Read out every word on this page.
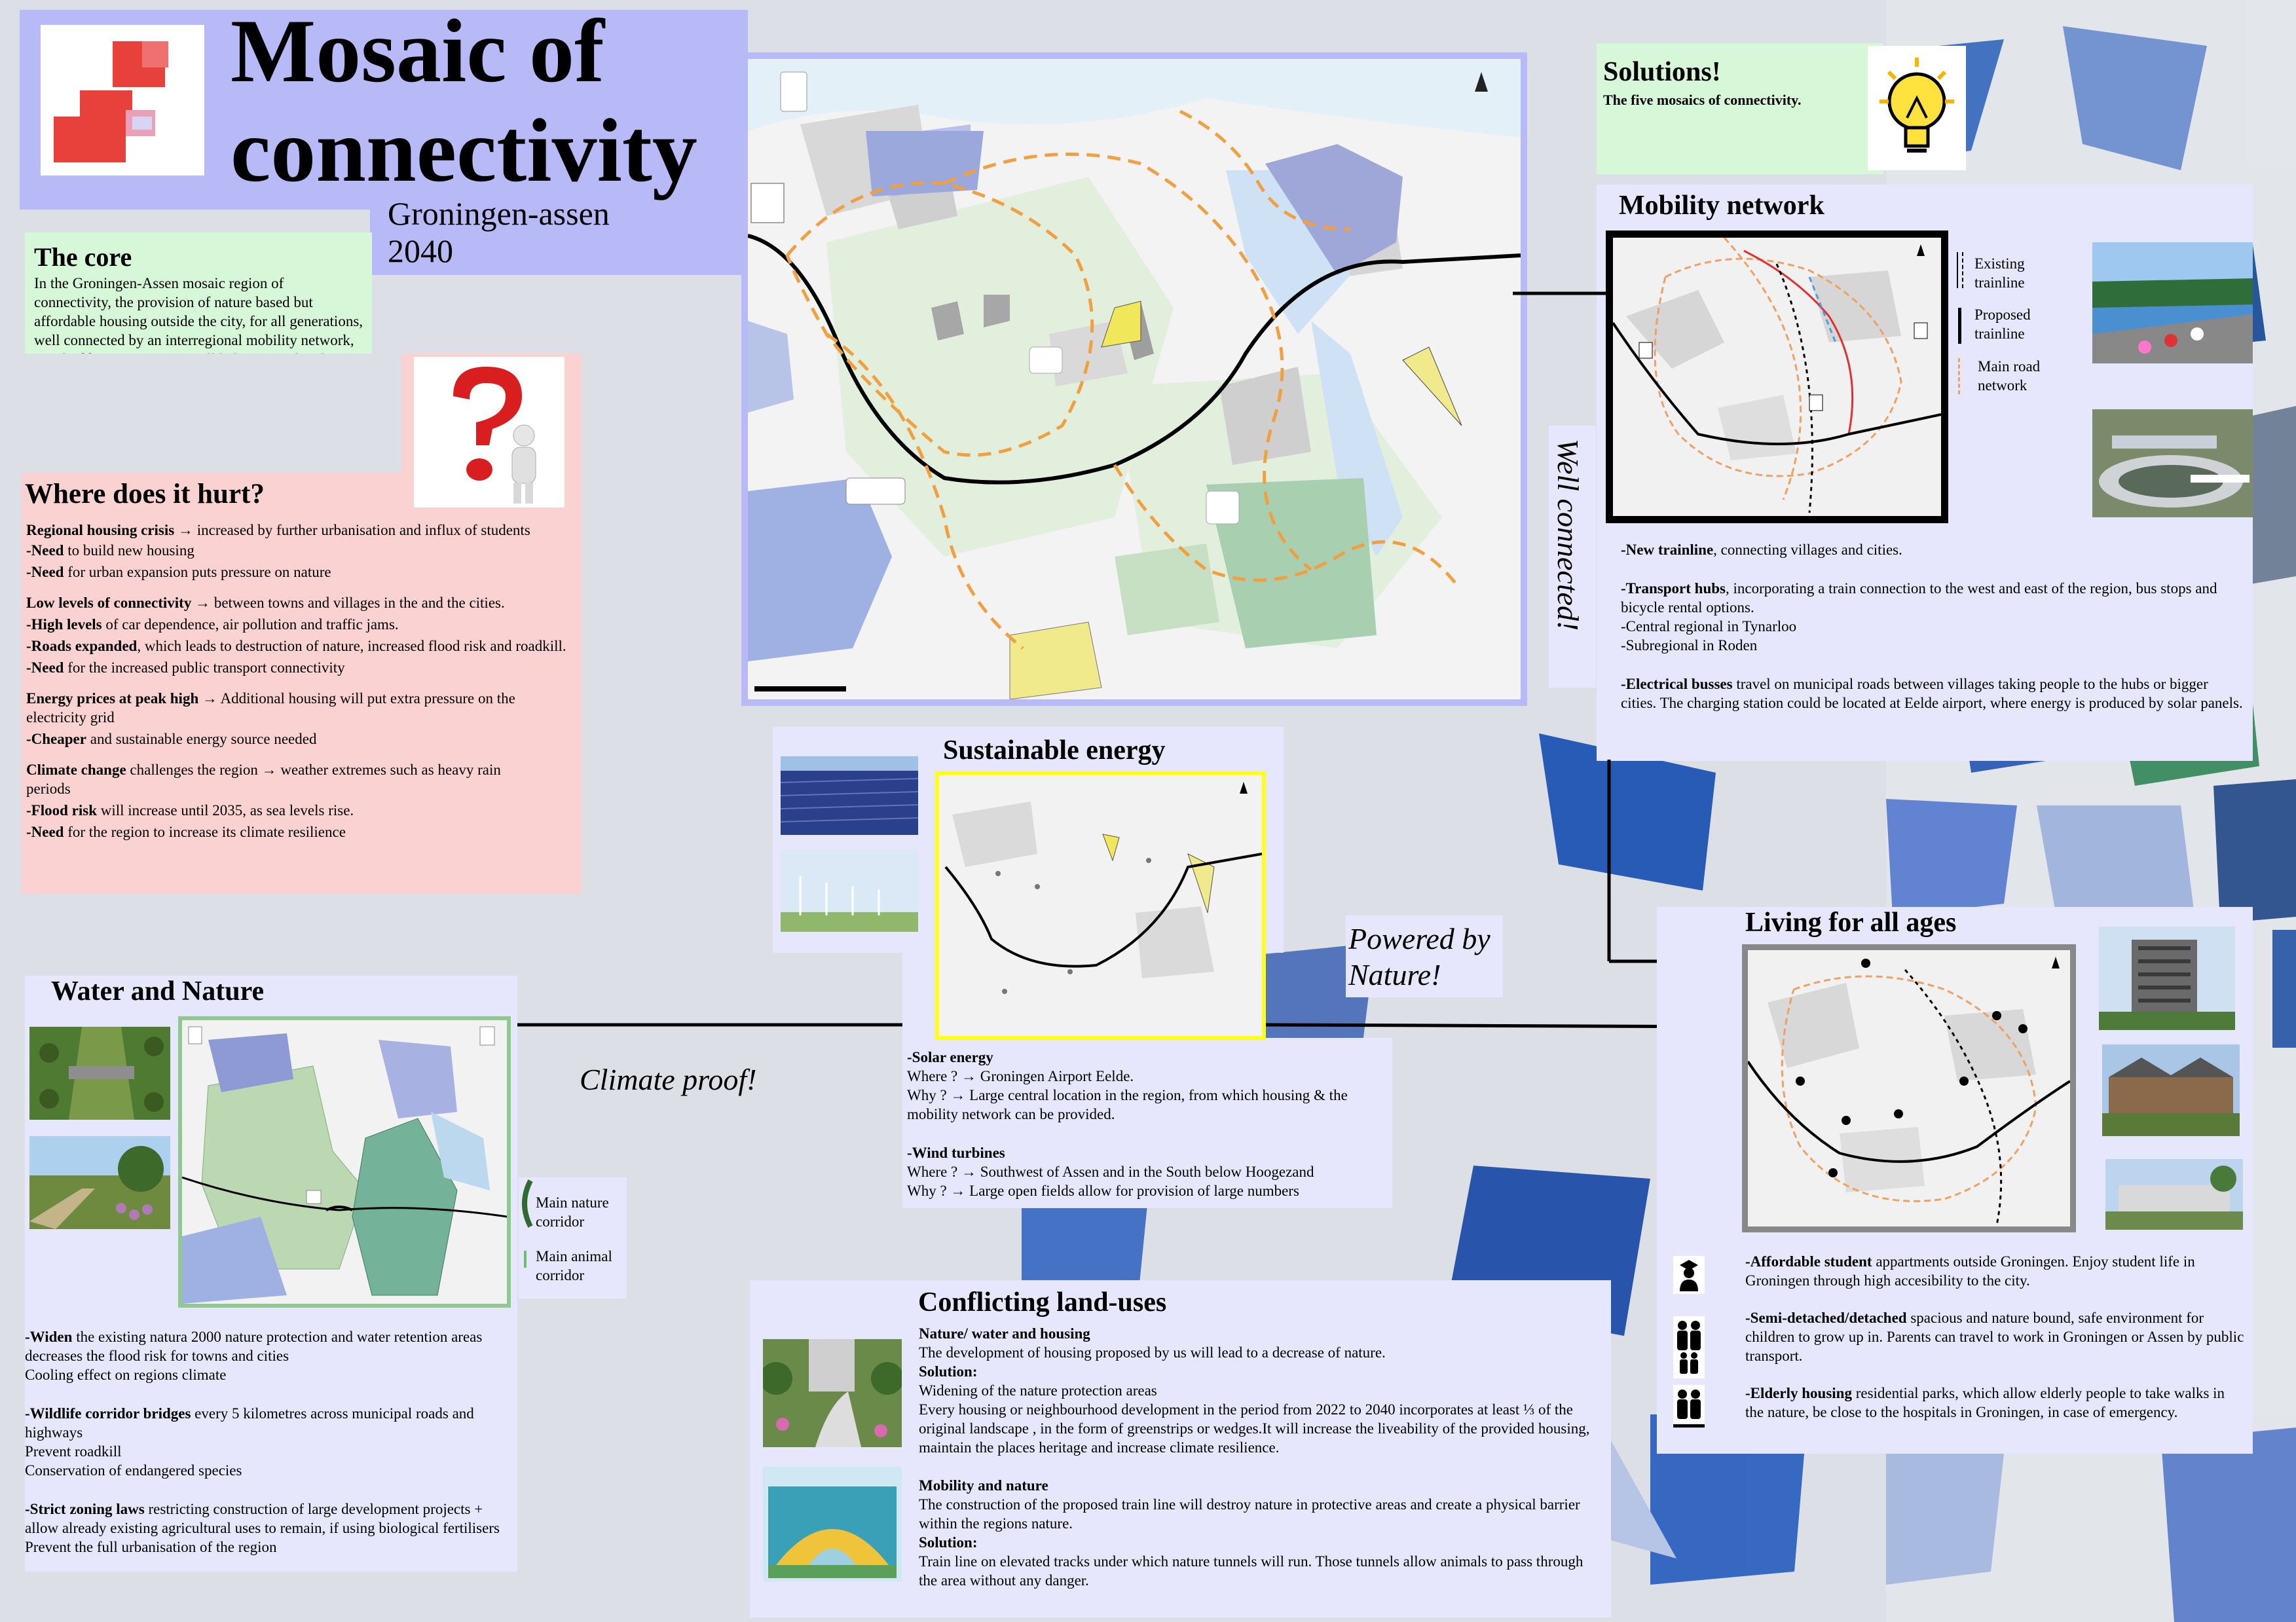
Mosaic of
connectivity
Groningen-assen
2040
The core
In the Groningen-Assen mosaic region of connectivity, the provision of nature based but affordable housing outside the city, for all generations, well connected by an interregional mobility network,
Where does it hurt?

Regional housing crisis → increased by further urbanisation and influx of students

-Need to build new housing

-Need for urban expansion puts pressure on nature

Low levels of connectivity → between towns and villages in the and the cities.

-High levels of car dependence, air pollution and traffic jams.

-Roads expanded, which leads to destruction of nature, increased flood risk and roadkill.

-Need for the increased public transport connectivity

Energy prices at peak high → Additional housing will put extra pressure on the electricity grid

-Cheaper and sustainable energy source needed

Climate change challenges the region → weather extremes such as heavy rain periods

-Flood risk will increase until 2035, as sea levels rise.

-Need for the region to increase its climate resilience

Solutions!
The five mosaics of connectivity.
Mobility network
Existing trainline
Proposed trainline
Main road network

-New trainline, connecting villages and cities.

-Transport hubs, incorporating a train connection to the west and east of the region, bus stops and bicycle rental options.

-Central regional in Tynarloo

-Subregional in Roden

-Electrical busses travel on municipal roads between villages taking people to the hubs or bigger cities. The charging station could be located at Eelde airport, where energy is produced by solar panels.

Well connected!
Sustainable energy

-Solar energy

Where ? → Groningen Airport Eelde.

Why ? → Large central location in the region, from which housing & the mobility network can be provided.

-Wind turbines

Where ? → Southwest of Assen and in the South below Hoogezand

Why ? → Large open fields allow for provision of large numbers

Powered by
Nature!
Climate proof!
Living for all ages

-Affordable student appartments outside Groningen. Enjoy student life in Groningen through high accesibility to the city.

-Semi-detached/detached spacious and nature bound, safe environment for children to grow up in. Parents can travel to work in Groningen or Assen by public transport.

-Elderly housing residential parks, which allow elderly people to take walks in the nature, be close to the hospitals in Groningen, in case of emergency.

Water and Nature
Main nature corridor
Main animal corridor

-Widen the existing natura 2000 nature protection and water retention areas decreases the flood risk for towns and cities

Cooling effect on regions climate

-Wildlife corridor bridges every 5 kilometres across municipal roads and highways

Prevent roadkill

Conservation of endangered species

-Strict zoning laws restricting construction of large development projects + allow already existing agricultural uses to remain, if using biological fertilisers

Prevent the full urbanisation of the region

Conflicting land-uses

Nature/ water and housing

The development of housing proposed by us will lead to a decrease of nature.

Solution:

Widening of the nature protection areas

Every housing or neighbourhood development in the period from 2022 to 2040 incorporates at least ⅓ of the original landscape , in the form of greenstrips or wedges.It will increase the liveability of the provided housing, maintain the places heritage and increase climate resilience.

Mobility and nature

The construction of the proposed train line will destroy nature in protective areas and create a physical barrier within the regions nature.

Solution:

Train line on elevated tracks under which nature tunnels will run. Those tunnels allow animals to pass through the area without any danger.
